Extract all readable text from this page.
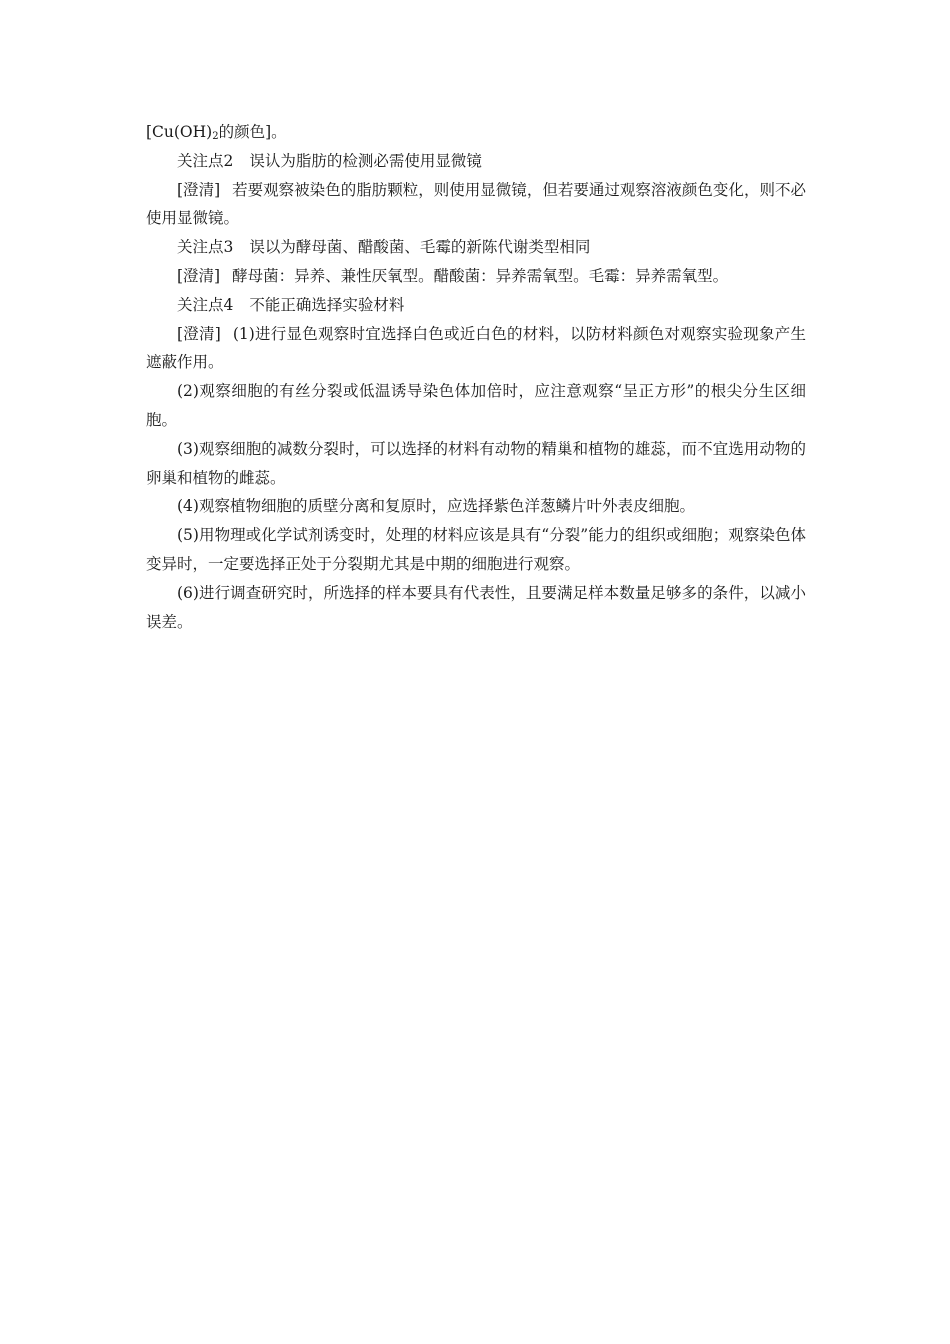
[$Cu(OH)_2$的颜色]。

关注点2 误认为脂肪的检测必需使用显微镜

[澄清] 若要观察被染色的脂肪颗粒，则使用显微镜，但若要通过观察溶液颜色变化，则不必使用显微镜。

关注点3 误以为酵母菌、醋酸菌、毛霉的新陈代谢类型相同

[澄清] 酵母菌：异养、兼性厌氧型。醋酸菌：异养需氧型。毛霉：异养需氧型。

关注点4 不能正确选择实验材料

[澄清] (1)进行显色观察时宜选择白色或近白色的材料，以防材料颜色对观察实验现象产生遮蔽作用。

(2)观察细胞的有丝分裂或低温诱导染色体加倍时，应注意观察“呈正方形”的根尖分生区细胞。

(3)观察细胞的减数分裂时，可以选择的材料有动物的精巢和植物的雄蕊，而不宜选用动物的卵巢和植物的雌蕊。

(4)观察植物细胞的质壁分离和复原时，应选择紫色洋葱鳞片叶外表皮细胞。

(5)用物理或化学试剂诱变时，处理的材料应该是具有“分裂”能力的组织或细胞；观察染色体变异时，一定要选择正处于分裂期尤其是中期的细胞进行观察。

(6)进行调查研究时，所选择的样本要具有代表性，且要满足样本数量足够多的条件，以减小误差。
